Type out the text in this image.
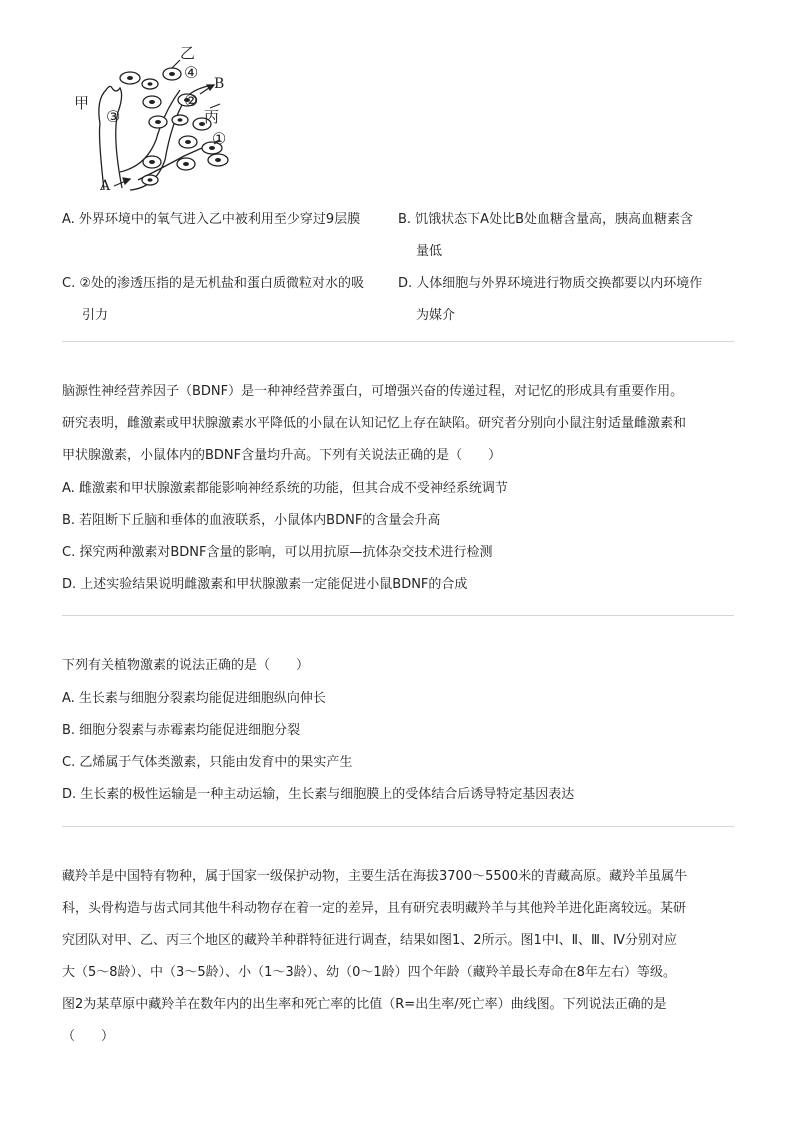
甲
乙
丙
A
B
①
②
③
④
A. 外界环境中的氧气进入乙中被利用至少穿过9层膜	B. 饥饿状态下A处比B处血糖含量高，胰高血糖素含
量低
C. ②处的渗透压指的是无机盐和蛋白质微粒对水的吸
引力
D. 人体细胞与外界环境进行物质交换都要以内环境作
为媒介
脑源性神经营养因子（BDNF）是一种神经营养蛋白，可增强兴奋的传递过程，对记忆的形成具有重要作用。
研究表明，雌激素或甲状腺激素水平降低的小鼠在认知记忆上存在缺陷。研究者分别向小鼠注射适量雌激素和
甲状腺激素，小鼠体内的BDNF含量均升高。下列有关说法正确的是（　　）
A. 雌激素和甲状腺激素都能影响神经系统的功能，但其合成不受神经系统调节
B. 若阻断下丘脑和垂体的血液联系，小鼠体内BDNF的含量会升高
C. 探究两种激素对BDNF含量的影响，可以用抗原—抗体杂交技术进行检测
D. 上述实验结果说明雌激素和甲状腺激素一定能促进小鼠BDNF的合成
下列有关植物激素的说法正确的是（　　）
A. 生长素与细胞分裂素均能促进细胞纵向伸长
B. 细胞分裂素与赤霉素均能促进细胞分裂
C. 乙烯属于气体类激素，只能由发育中的果实产生
D. 生长素的极性运输是一种主动运输，生长素与细胞膜上的受体结合后诱导特定基因表达
藏羚羊是中国特有物种，属于国家一级保护动物，主要生活在海拔3700～5500米的青藏高原。藏羚羊虽属牛
科，头骨构造与齿式同其他牛科动物存在着一定的差异，且有研究表明藏羚羊与其他羚羊进化距离较远。某研
究团队对甲、乙、丙三个地区的藏羚羊种群特征进行调查，结果如图1、2所示。图1中Ⅰ、Ⅱ、Ⅲ、Ⅳ分别对应
大（5～8龄）、中（3～5龄）、小（1～3龄）、幼（0～1龄）四个年龄（藏羚羊最长寿命在8年左右）等级。
图2为某草原中藏羚羊在数年内的出生率和死亡率的比值（R=出生率/死亡率）曲线图。下列说法正确的是
（　　）
